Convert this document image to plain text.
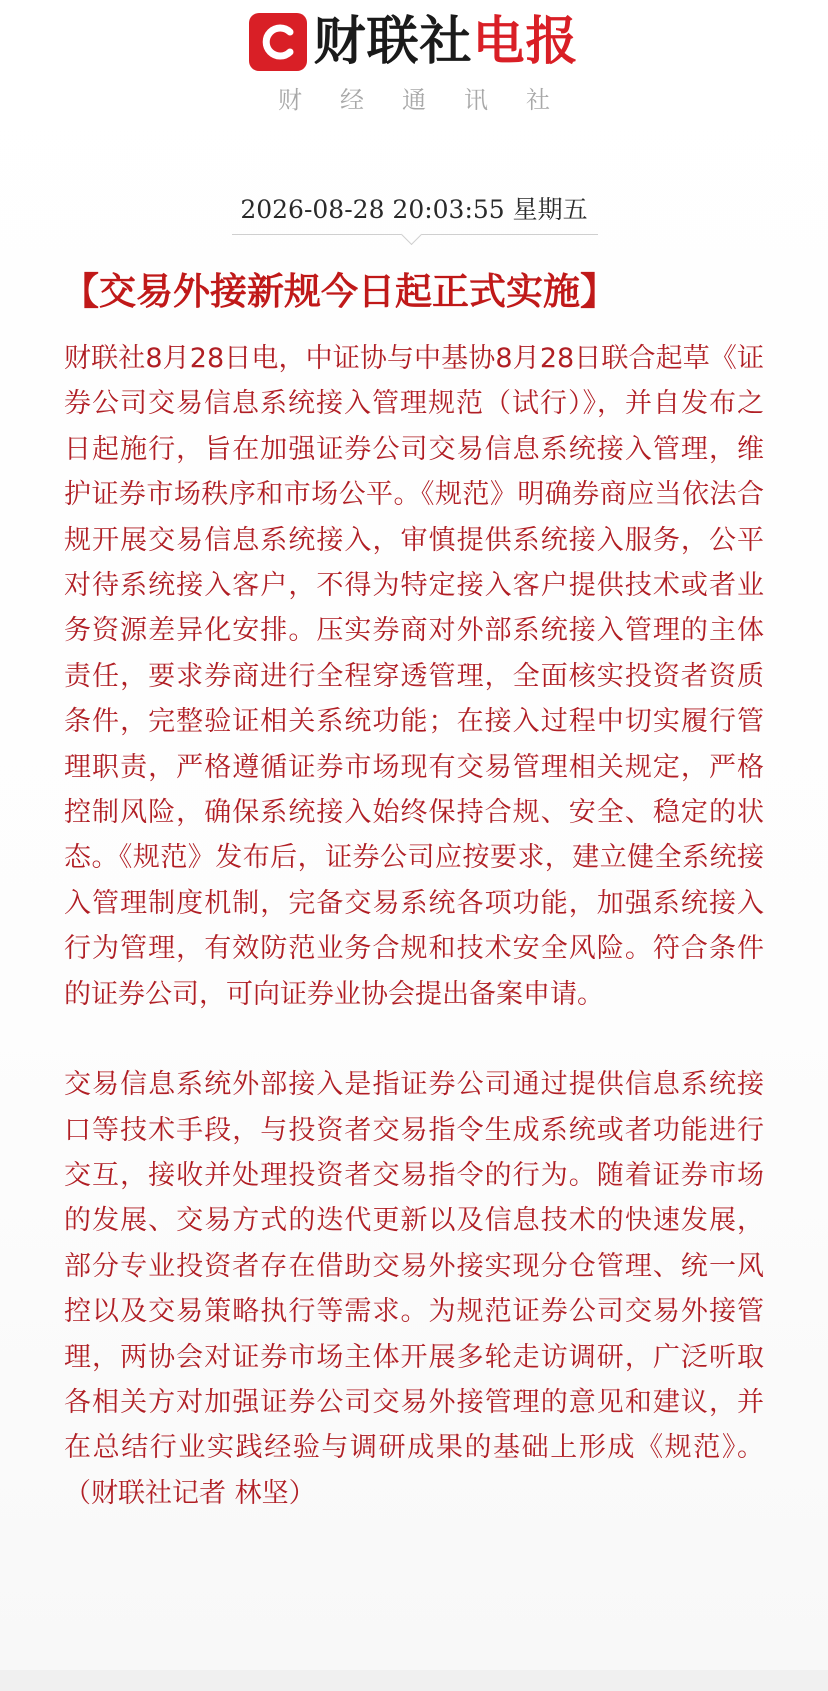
财联社 电报
财经通讯社
2026-08-28 20:03:55 星期五
【交易外接新规今日起正式实施】

财联社8月28日电，中证协与中基协8月28日联合起草《证券公司交易信息系统接入管理规范（试行）》，并自发布之日起施行，旨在加强证券公司交易信息系统接入管理，维护证券市场秩序和市场公平。《规范》明确券商应当依法合规开展交易信息系统接入，审慎提供系统接入服务，公平对待系统接入客户，不得为特定接入客户提供技术或者业务资源差异化安排。压实券商对外部系统接入管理的主体责任，要求券商进行全程穿透管理，全面核实投资者资质条件，完整验证相关系统功能；在接入过程中切实履行管理职责，严格遵循证券市场现有交易管理相关规定，严格控制风险，确保系统接入始终保持合规、安全、稳定的状态。《规范》发布后，证券公司应按要求，建立健全系统接入管理制度机制，完备交易系统各项功能，加强系统接入行为管理，有效防范业务合规和技术安全风险。符合条件的证券公司，可向证券业协会提出备案申请。

交易信息系统外部接入是指证券公司通过提供信息系统接口等技术手段，与投资者交易指令生成系统或者功能进行交互，接收并处理投资者交易指令的行为。随着证券市场的发展、交易方式的迭代更新以及信息技术的快速发展，部分专业投资者存在借助交易外接实现分仓管理、统一风控以及交易策略执行等需求。为规范证券公司交易外接管理，两协会对证券市场主体开展多轮走访调研，广泛听取各相关方对加强证券公司交易外接管理的意见和建议，并在总结行业实践经验与调研成果的基础上形成《规范》。（财联社记者 林坚）
